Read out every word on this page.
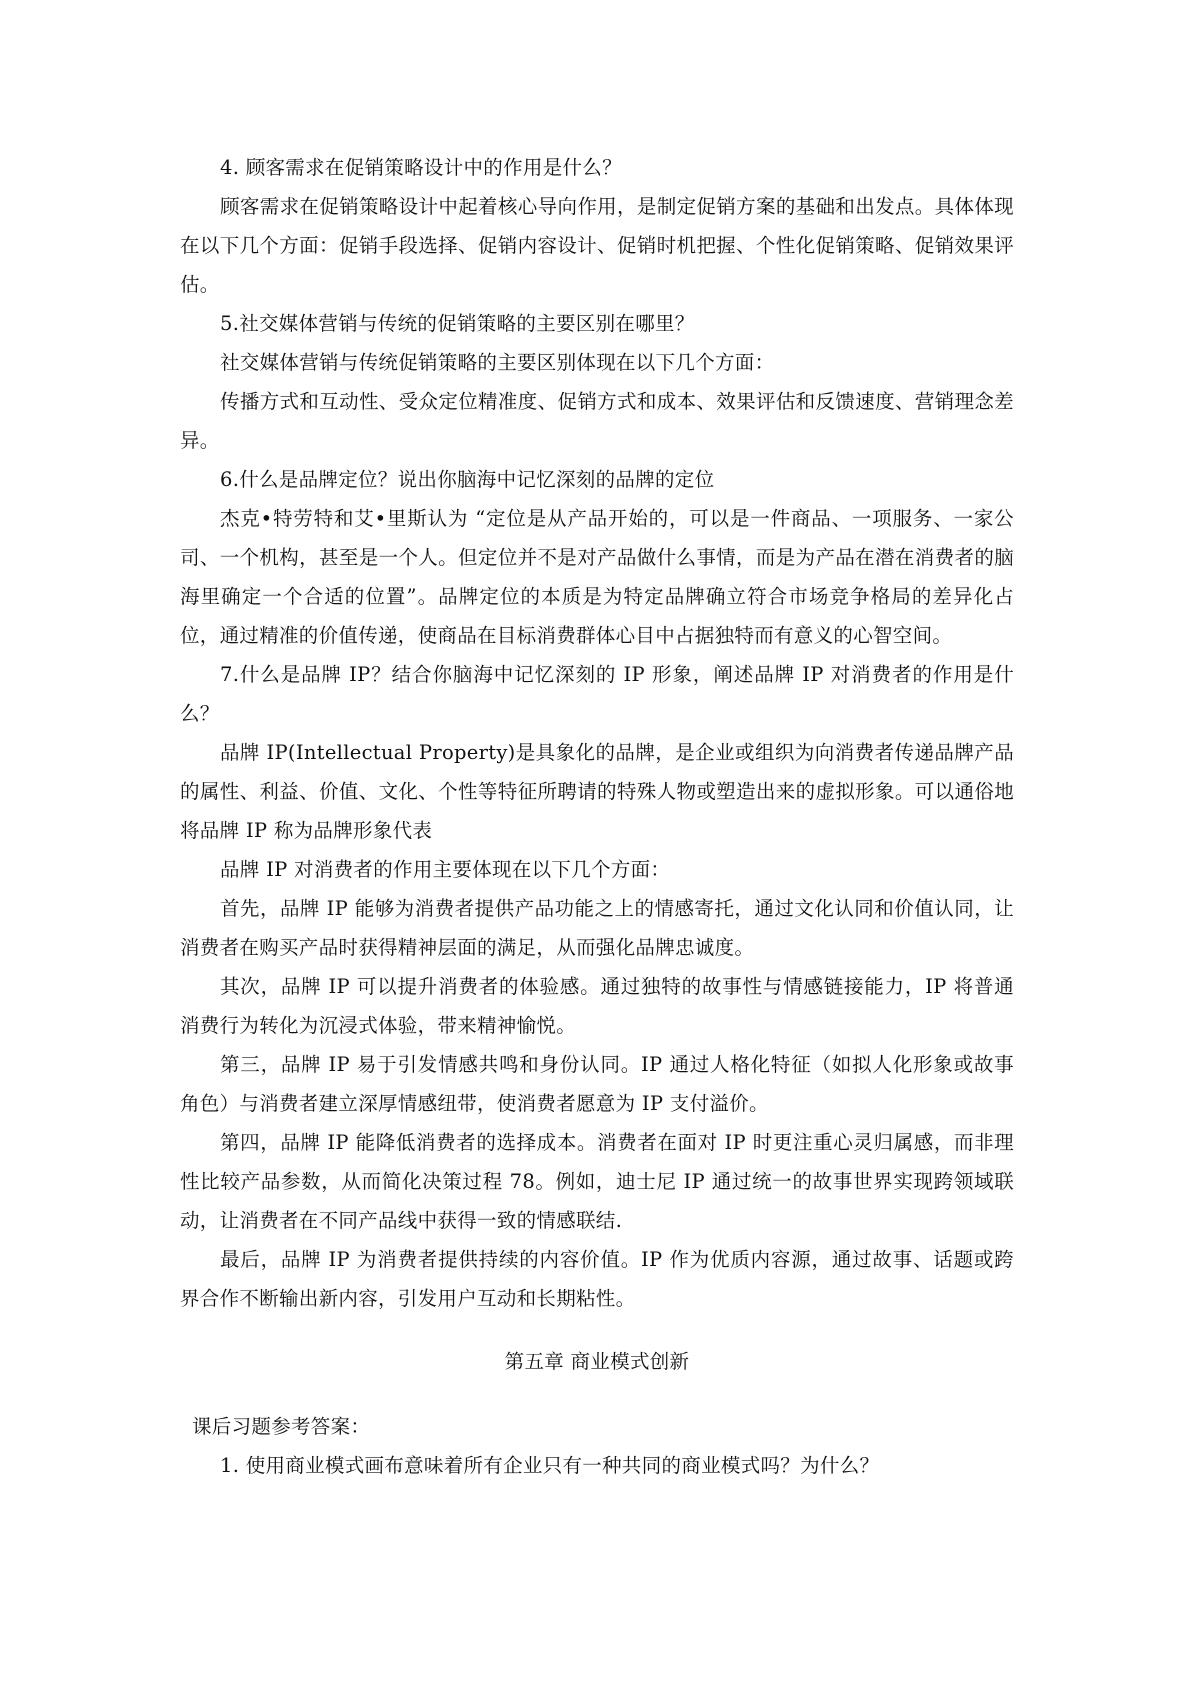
4. 顾客需求在促销策略设计中的作用是什么？

顾客需求在促销策略设计中起着核心导向作用，是制定促销方案的基础和出发点。具体体现在以下几个方面：促销手段选择、促销内容设计、促销时机把握、个性化促销策略、促销效果评估。

5.社交媒体营销与传统的促销策略的主要区别在哪里？

社交媒体营销与传统促销策略的主要区别体现在以下几个方面：

传播方式和互动性、受众定位精准度、促销方式和成本、效果评估和反馈速度、营销理念差异。

6.什么是品牌定位？说出你脑海中记忆深刻的品牌的定位

杰克•特劳特和艾•里斯认为 “定位是从产品开始的，可以是一件商品、一项服务、一家公司、一个机构，甚至是一个人。但定位并不是对产品做什么事情，而是为产品在潜在消费者的脑海里确定一个合适的位置”。品牌定位的本质是为特定品牌确立符合市场竞争格局的差异化占位，通过精准的价值传递，使商品在目标消费群体心目中占据独特而有意义的心智空间。

7.什么是品牌 IP？结合你脑海中记忆深刻的 IP 形象，阐述品牌 IP 对消费者的作用是什么？

品牌 IP(Intellectual Property)是具象化的品牌，是企业或组织为向消费者传递品牌产品的属性、利益、价值、文化、个性等特征所聘请的特殊人物或塑造出来的虚拟形象。可以通俗地将品牌 IP 称为品牌形象代表

品牌 IP 对消费者的作用主要体现在以下几个方面：

首先，品牌 IP 能够为消费者提供产品功能之上的情感寄托，通过文化认同和价值认同，让消费者在购买产品时获得精神层面的满足，从而强化品牌忠诚度。

其次，品牌 IP 可以提升消费者的体验感。通过独特的故事性与情感链接能力，IP 将普通消费行为转化为沉浸式体验，带来精神愉悦。

第三，品牌 IP 易于引发情感共鸣和身份认同。IP 通过人格化特征（如拟人化形象或故事角色）与消费者建立深厚情感纽带，使消费者愿意为 IP 支付溢价。

第四，品牌 IP 能降低消费者的选择成本。消费者在面对 IP 时更注重心灵归属感，而非理性比较产品参数，从而简化决策过程 78。例如，迪士尼 IP 通过统一的故事世界实现跨领域联动，让消费者在不同产品线中获得一致的情感联结.

最后，品牌 IP 为消费者提供持续的内容价值。IP 作为优质内容源，通过故事、话题或跨界合作不断输出新内容，引发用户互动和长期粘性。

第五章 商业模式创新

课后习题参考答案：

1. 使用商业模式画布意味着所有企业只有一种共同的商业模式吗？为什么？
